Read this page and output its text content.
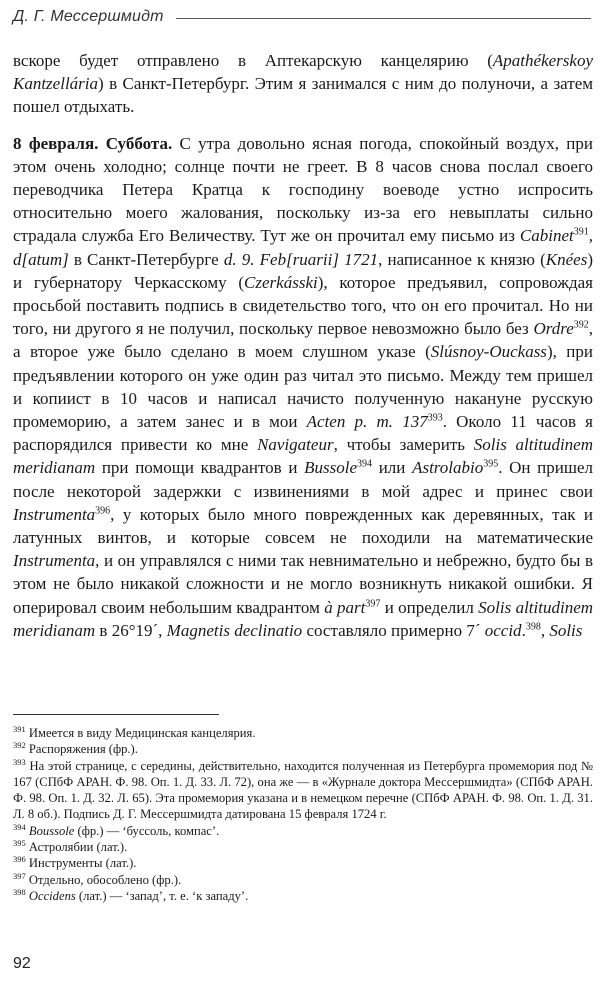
Д. Г. Мессершмидт

вскоре будет отправлено в Аптекарскую канцелярию (Apathékerskoy Kantzellária) в Санкт-Петербург. Этим я занимался с ним до полуночи, а затем пошел отдыхать.

8 февраля. Суббота. С утра довольно ясная погода, спокойный воздух, при этом очень холодно; солнце почти не греет. В 8 часов снова послал своего переводчика Петера Кратца к господину воеводе устно испросить относительно моего жалования, поскольку из-за его невыплаты сильно страдала служба Его Величеству. Тут же он прочитал ему письмо из Cabinet$^{391}$, d[atum] в Санкт-Петербурге d. 9. Feb[ruarii] 1721, написанное к князю (Knées) и губернатору Черкасскому (Czerkásski), которое предъявил, сопровождая просьбой поставить подпись в свидетельство того, что он его прочитал. Но ни того, ни другого я не получил, поскольку первое невозможно было без Ordre$^{392}$, а второе уже было сделано в моем слушном указе (Slúsnoy-Ouckass), при предъявлении которого он уже один раз читал это письмо. Между тем пришел и копиист в 10 часов и написал начисто полученную накануне русскую промеморию, а затем занес и в мои Acten p. m. $137^{393}$. Около 11 часов я распорядился привести ко мне Navigateur, чтобы замерить Solis altitudinem meridianam при помощи квадрантов и Bussole$^{394}$ или Astrolabio$^{395}$. Он пришел после некоторой задержки с извинениями в мой адрес и принес свои Instrumenta$^{396}$, у которых было много поврежденных как деревянных, так и латунных винтов, и которые совсем не походили на математические Instrumenta, и он управлялся с ними так невнимательно и небрежно, будто бы в этом не было никакой сложности и не могло возникнуть никакой ошибки. Я оперировал своим небольшим квадрантом à part$^{397}$ и определил Solis altitudinem meridianam в 26°19´, Magnetis declinatio составляло примерно 7´ occid.$^{398}$, Solis

$^{391}$ Имеется в виду Медицинская канцелярия.

$^{392}$ Распоряжения (фр.).

$^{393}$ На этой странице, с середины, действительно, находится полученная из Петербурга промемория под № 167 (СПбФ АРАН. Ф. 98. Оп. 1. Д. 33. Л. 72), она же — в «Журнале доктора Мессершмидта» (СПбФ АРАН. Ф. 98. Оп. 1. Д. 32. Л. 65). Эта промемория указана и в немецком перечне (СПбФ АРАН. Ф. 98. Оп. 1. Д. 31. Л. 8 об.). Подпись Д. Г. Мессершмидта датирована 15 февраля 1724 г.

$^{394}$ Boussole (фр.) — ‘буссоль, компас’.

$^{395}$ Астролябии (лат.).

$^{396}$ Инструменты (лат.).

$^{397}$ Отдельно, обособлено (фр.).

$^{398}$ Occidens (лат.) — ‘запад’, т. е. ‘к западу’.

92
